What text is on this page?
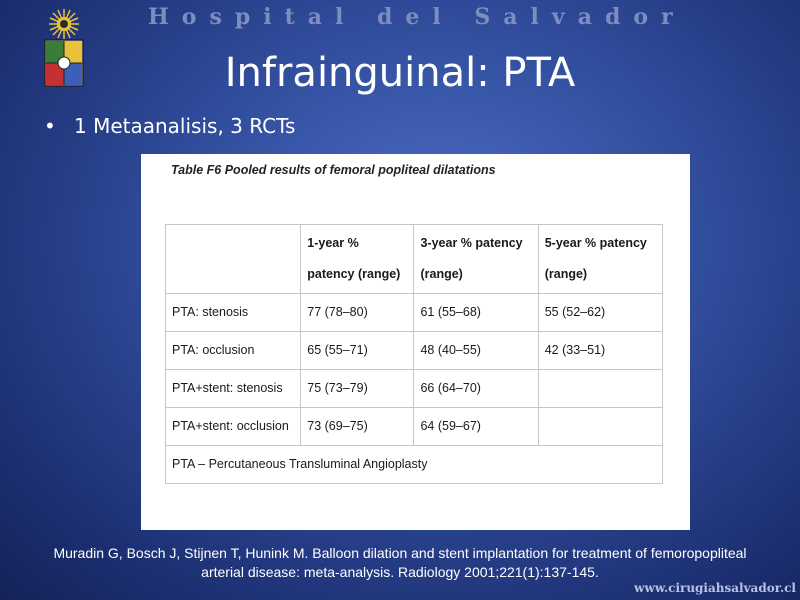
Hospital del Salvador
Infrainguinal: PTA
• 1 Metaanalisis, 3 RCTs
Table F6 Pooled results of femoral popliteal dilatations
	1-year % patency (range)	3-year % patency (range)	5-year % patency (range)
PTA: stenosis	77 (78–80)	61 (55–68)	55 (52–62)
PTA: occlusion	65 (55–71)	48 (40–55)	42 (33–51)
PTA+stent: stenosis	75 (73–79)	66 (64–70)	
PTA+stent: occlusion	73 (69–75)	64 (59–67)	
PTA – Percutaneous Transluminal Angioplasty			
Muradin G, Bosch J, Stijnen T, Hunink M. Balloon dilation and stent implantation for treatment of femoropopliteal arterial disease: meta-analysis. Radiology 2001;221(1):137-145.
www.cirugiahsalvador.cl
